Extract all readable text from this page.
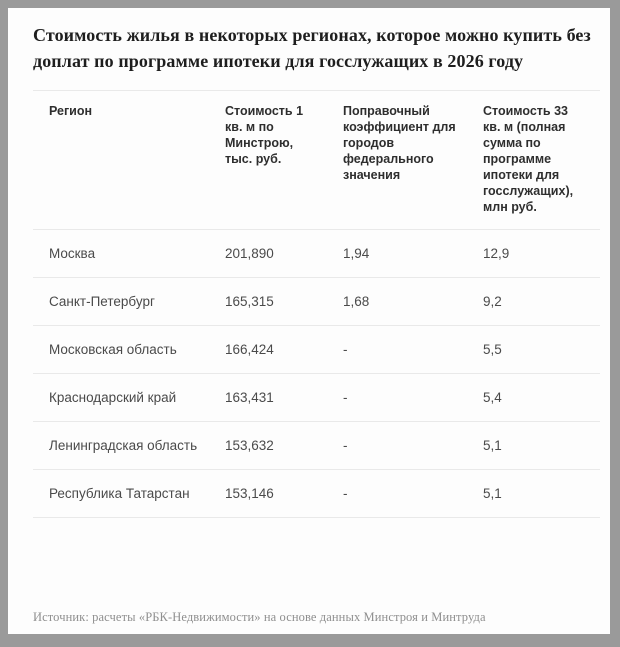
Стоимость жилья в некоторых регионах, которое можно купить без доплат по программе ипотеки для госслужащих в 2026 году
Регион	Стоимость 1 кв. м по Минстрою, тыс. руб.	Поправочный коэффициент для городов федерального значения	Стоимость 33 кв. м (полная сумма по программе ипотеки для госслужащих), млн руб.
Москва	201,890	1,94	12,9
Санкт-Петербург	165,315	1,68	9,2
Московская область	166,424	-	5,5
Краснодарский край	163,431	-	5,4
Ленинградская область	153,632	-	5,1
Республика Татарстан	153,146	-	5,1
Источник: расчеты «РБК-Недвижимости» на основе данных Минстроя и Минтруда
